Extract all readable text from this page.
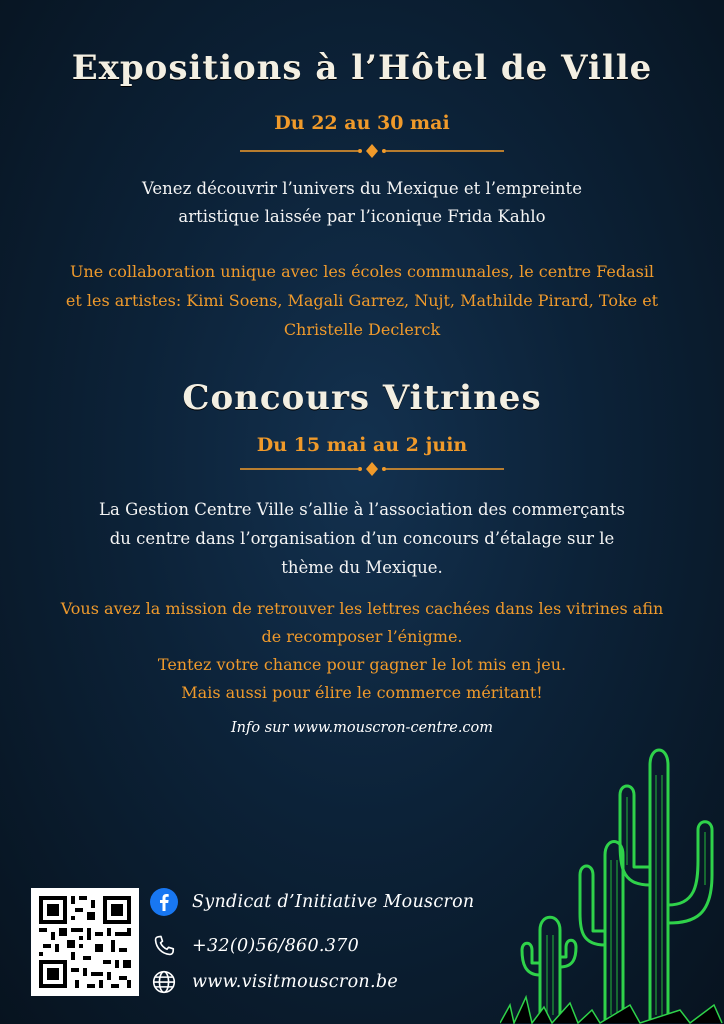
Expositions à l’Hôtel de Ville
Du 22 au 30 mai
Venez découvrir l’univers du Mexique et l’empreinte
artistique laissée par l’iconique Frida Kahlo
Une collaboration unique avec les écoles communales, le centre Fedasil
et les artistes: Kimi Soens, Magali Garrez, Nujt, Mathilde Pirard, Toke et
Christelle Declerck
Concours Vitrines
Du 15 mai au 2 juin
La Gestion Centre Ville s’allie à l’association des commerçants
du centre dans l’organisation d’un concours d’étalage sur le
thème du Mexique.
Vous avez la mission de retrouver les lettres cachées dans les vitrines afin
de recomposer l’énigme.
Tentez votre chance pour gagner le lot mis en jeu.
Mais aussi pour élire le commerce méritant!
Info sur www.mouscron-centre.com
Syndicat d’Initiative Mouscron
+32(0)56/860.370
www.visitmouscron.be
